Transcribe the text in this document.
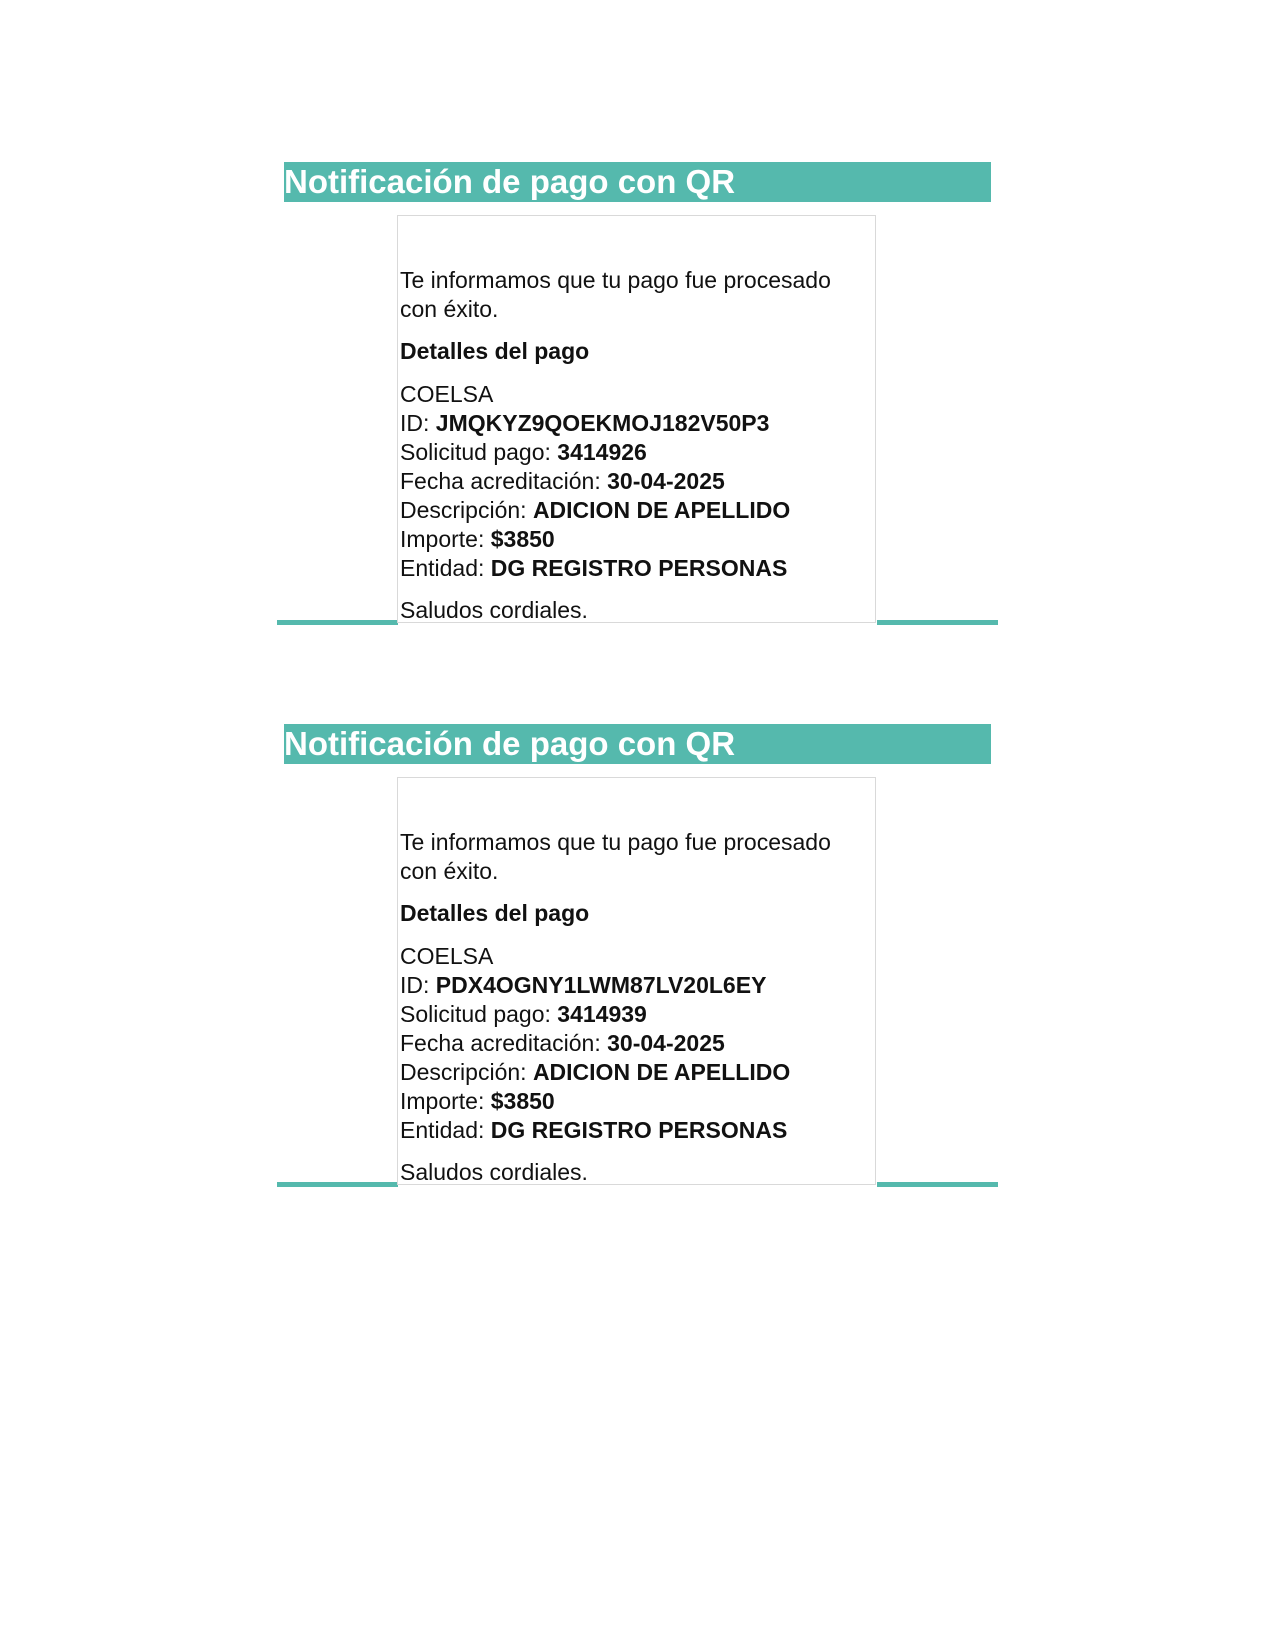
Notificación de pago con QR

Te informamos que tu pago fue procesado con éxito.

Detalles del pago

COELSA
ID: JMQKYZ9QOEKMOJ182V50P3
Solicitud pago: 3414926
Fecha acreditación: 30-04-2025
Descripción: ADICION DE APELLIDO
Importe: $3850
Entidad: DG REGISTRO PERSONAS
Saludos cordiales.
Notificación de pago con QR

Te informamos que tu pago fue procesado con éxito.

Detalles del pago

COELSA
ID: PDX4OGNY1LWM87LV20L6EY
Solicitud pago: 3414939
Fecha acreditación: 30-04-2025
Descripción: ADICION DE APELLIDO
Importe: $3850
Entidad: DG REGISTRO PERSONAS
Saludos cordiales.
